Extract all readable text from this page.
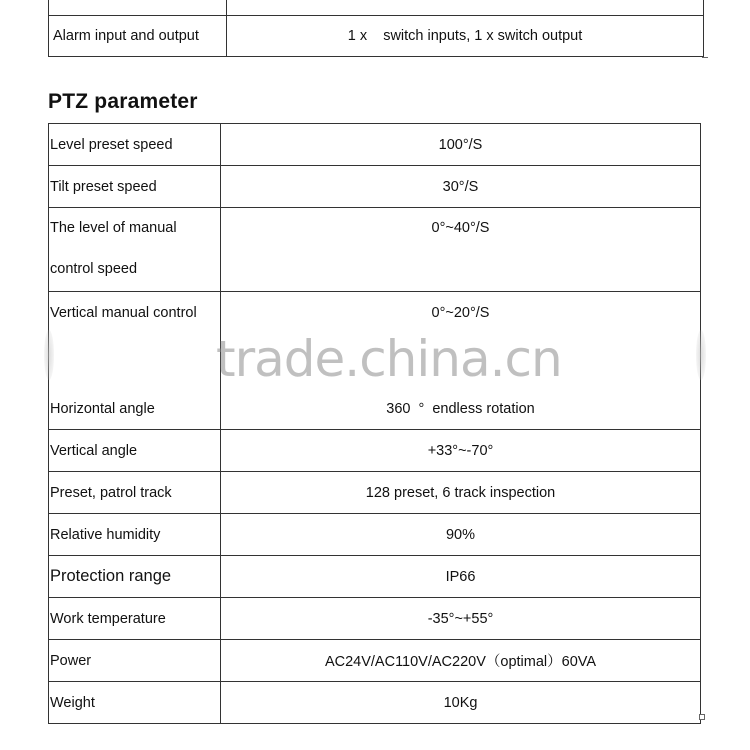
Alarm input and output	1 x    switch inputs, 1 x switch output
PTZ parameter
Level preset speed	100°/S
Tilt preset speed	30°/S
The level of manual
control speed	0°~40°/S
Vertical manual control	0°~20°/S
Horizontal angle	360  °  endless rotation
Vertical angle	+33°~-70°
Preset, patrol track	128 preset, 6 track inspection
Relative humidity	90%
Protection range	IP66
Work temperature	-35°~+55°
Power	AC24V/AC110V/AC220V（optimal）60VA
Weight	10Kg
trade.china.cn
